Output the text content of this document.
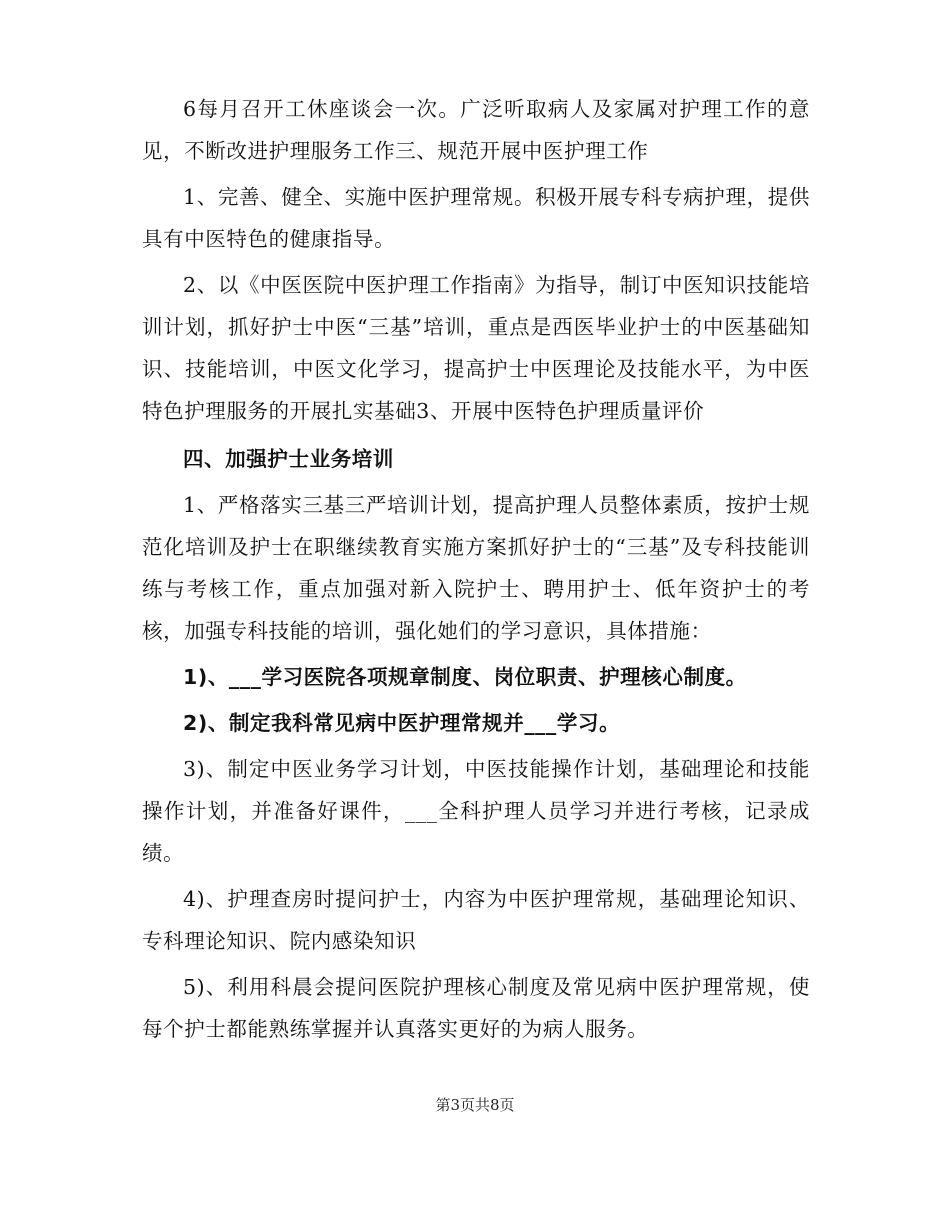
6每月召开工休座谈会一次。广泛听取病人及家属对护理工作的意见，不断改进护理服务工作三、规范开展中医护理工作

1、完善、健全、实施中医护理常规。积极开展专科专病护理，提供具有中医特色的健康指导。

2、以《中医医院中医护理工作指南》为指导，制订中医知识技能培训计划，抓好护士中医“三基”培训，重点是西医毕业护士的中医基础知识、技能培训，中医文化学习，提高护士中医理论及技能水平，为中医特色护理服务的开展扎实基础3、开展中医特色护理质量评价

四、加强护士业务培训

1、严格落实三基三严培训计划，提高护理人员整体素质，按护士规范化培训及护士在职继续教育实施方案抓好护士的“三基”及专科技能训练与考核工作，重点加强对新入院护士、聘用护士、低年资护士的考核，加强专科技能的培训，强化她们的学习意识，具体措施：

1)、___学习医院各项规章制度、岗位职责、护理核心制度。

2)、制定我科常见病中医护理常规并___学习。

3)、制定中医业务学习计划，中医技能操作计划，基础理论和技能操作计划，并准备好课件，___全科护理人员学习并进行考核，记录成绩。

4)、护理查房时提问护士，内容为中医护理常规，基础理论知识、专科理论知识、院内感染知识

5)、利用科晨会提问医院护理核心制度及常见病中医护理常规，使每个护士都能熟练掌握并认真落实更好的为病人服务。

第3页共8页
